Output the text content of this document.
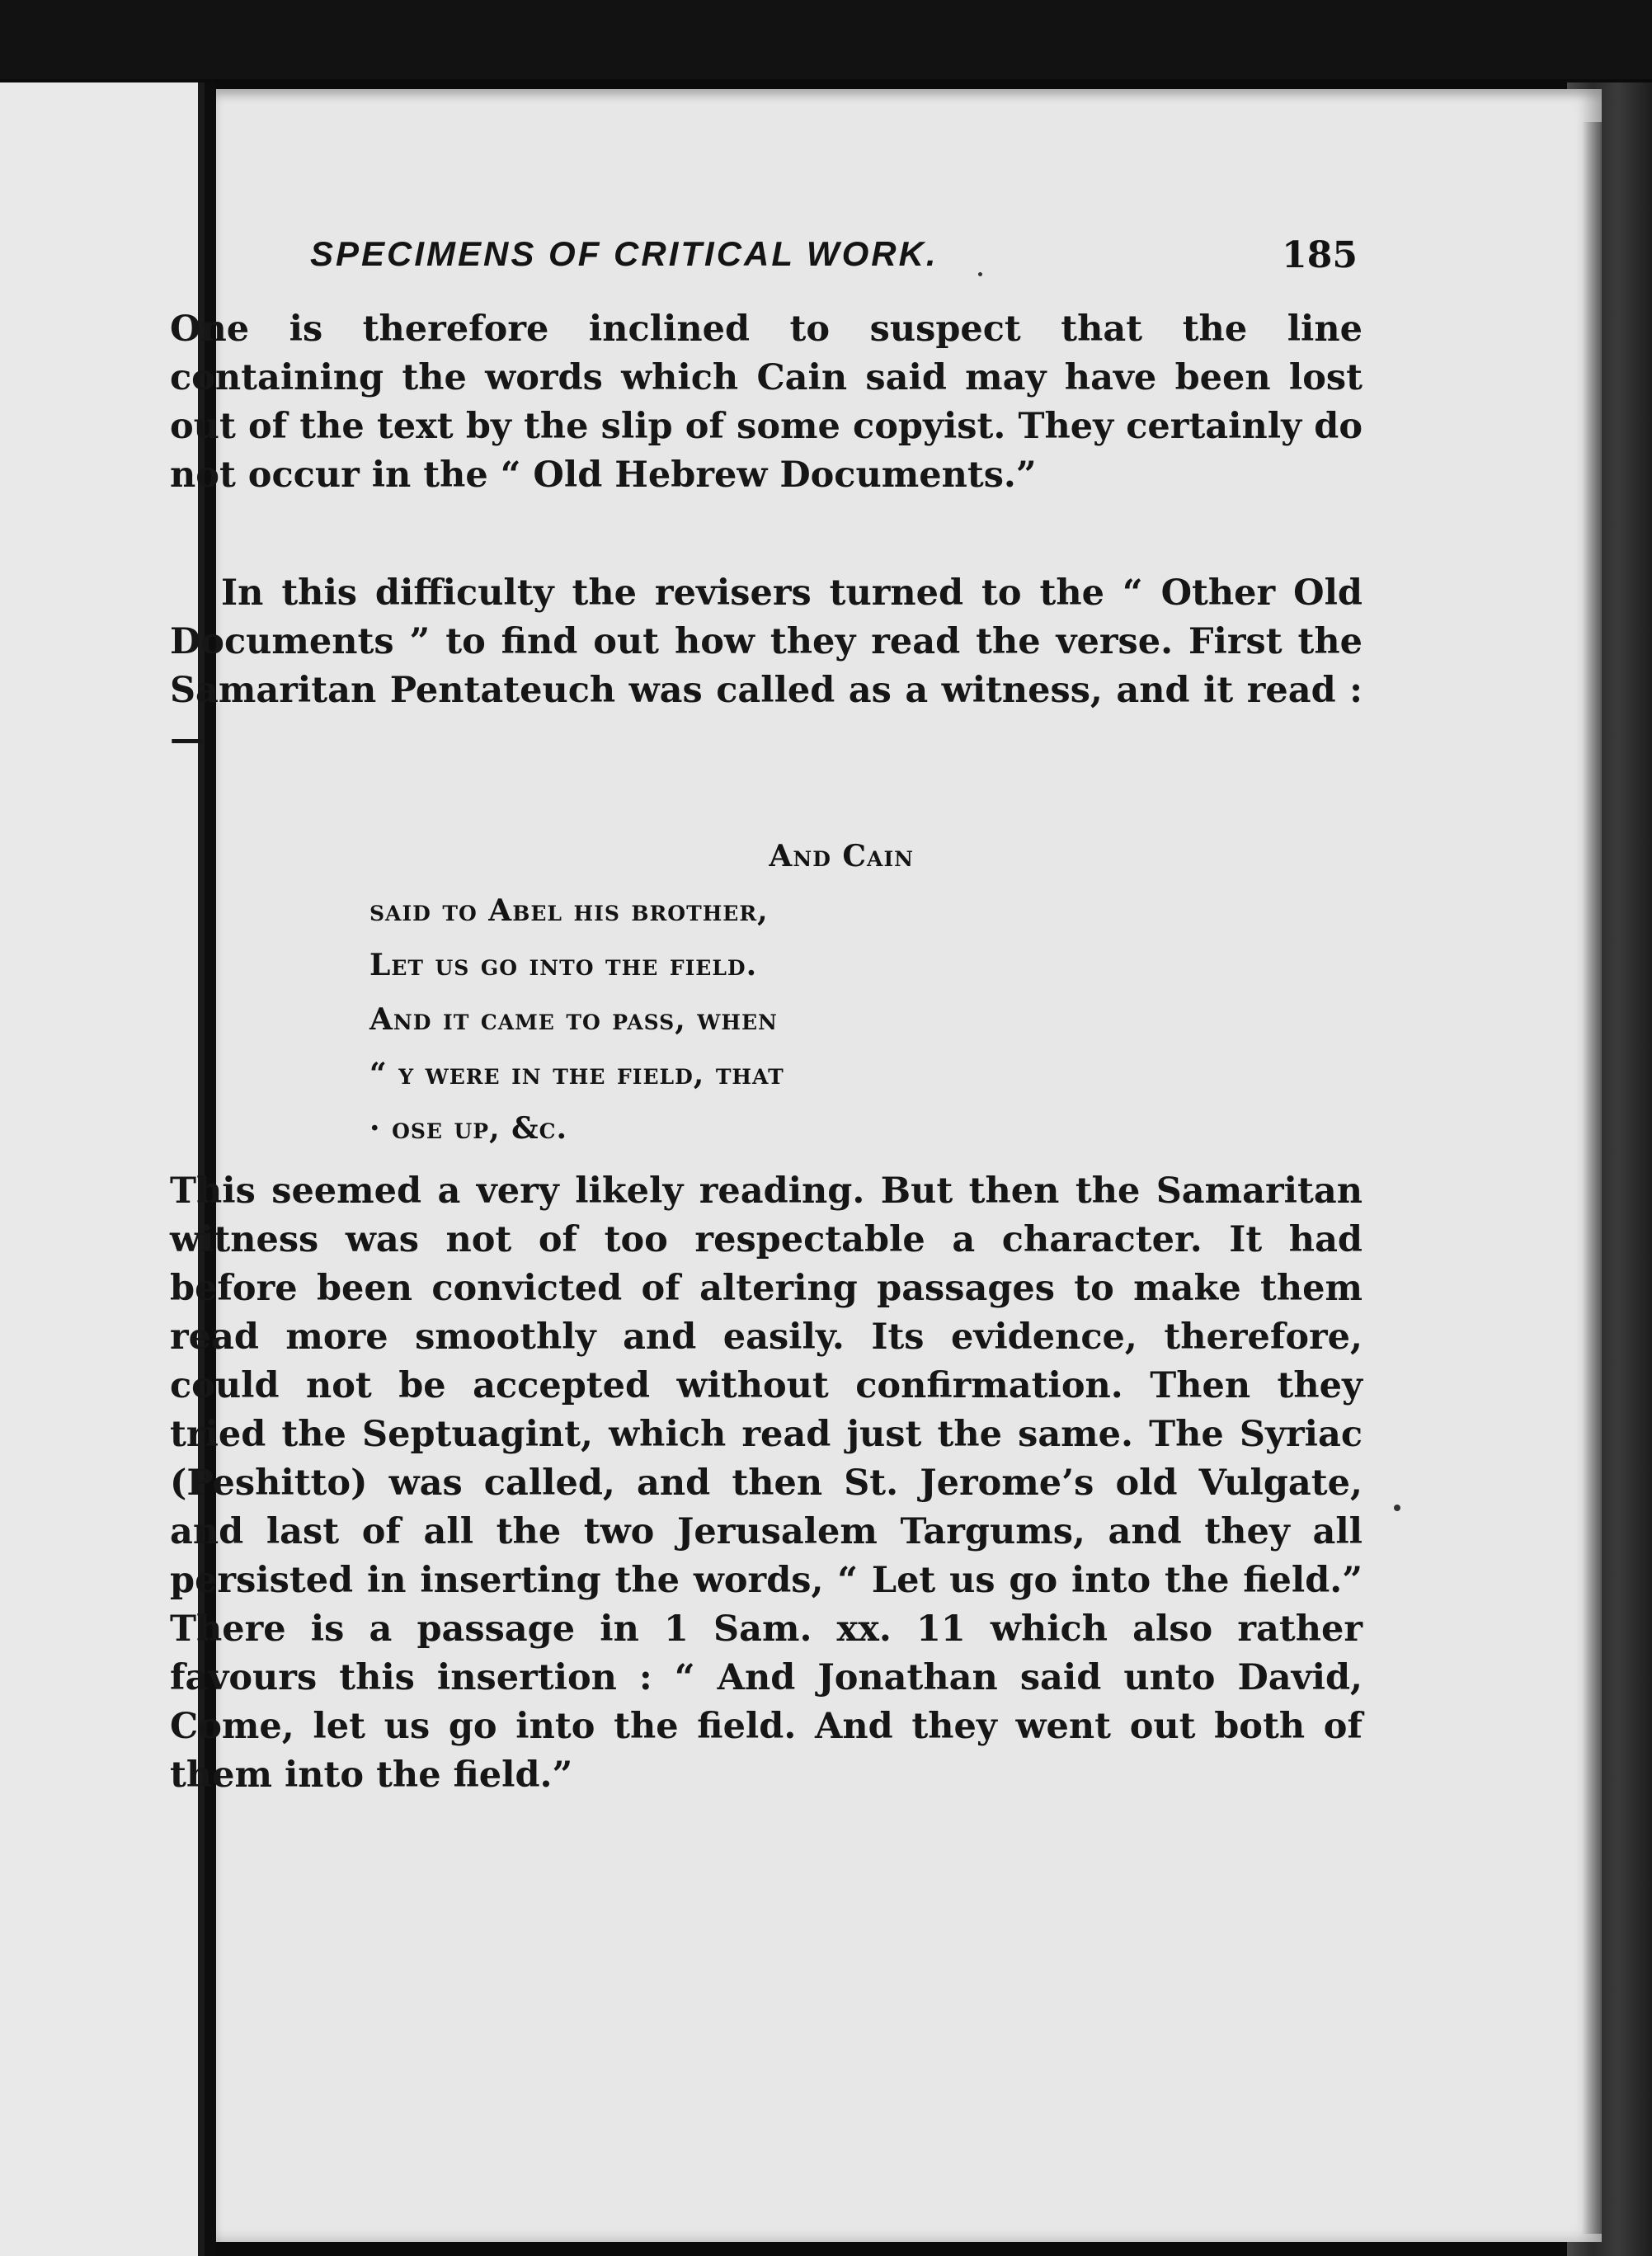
SPECIMENS OF CRITICAL WORK.	185

One is therefore inclined to suspect that the line containing the words which Cain said may have been lost out of the text by the slip of some copyist. They certainly do not occur in the “ Old Hebrew Documents.”

In this difficulty the revisers turned to the “ Other Old Documents ” to find out how they read the verse. First the Samaritan Pentateuch was called as a witness, and it read :—

And Cain
said to Abel his brother,
Let us go into the field.
And it came to pass, when
“ y were in the field, that
· ose up, &c.

This seemed a very likely reading. But then the Samaritan witness was not of too respectable a character. It had before been convicted of altering passages to make them read more smoothly and easily. Its evidence, therefore, could not be accepted without confirmation. Then they tried the Septuagint, which read just the same. The Syriac (Peshitto) was called, and then St. Jerome’s old Vulgate, and last of all the two Jerusalem Targums, and they all persisted in inserting the words, “ Let us go into the field.” There is a passage in 1 Sam. xx. 11 which also rather favours this insertion : “ And Jonathan said unto David, Come, let us go into the field. And they went out both of them into the field.”
